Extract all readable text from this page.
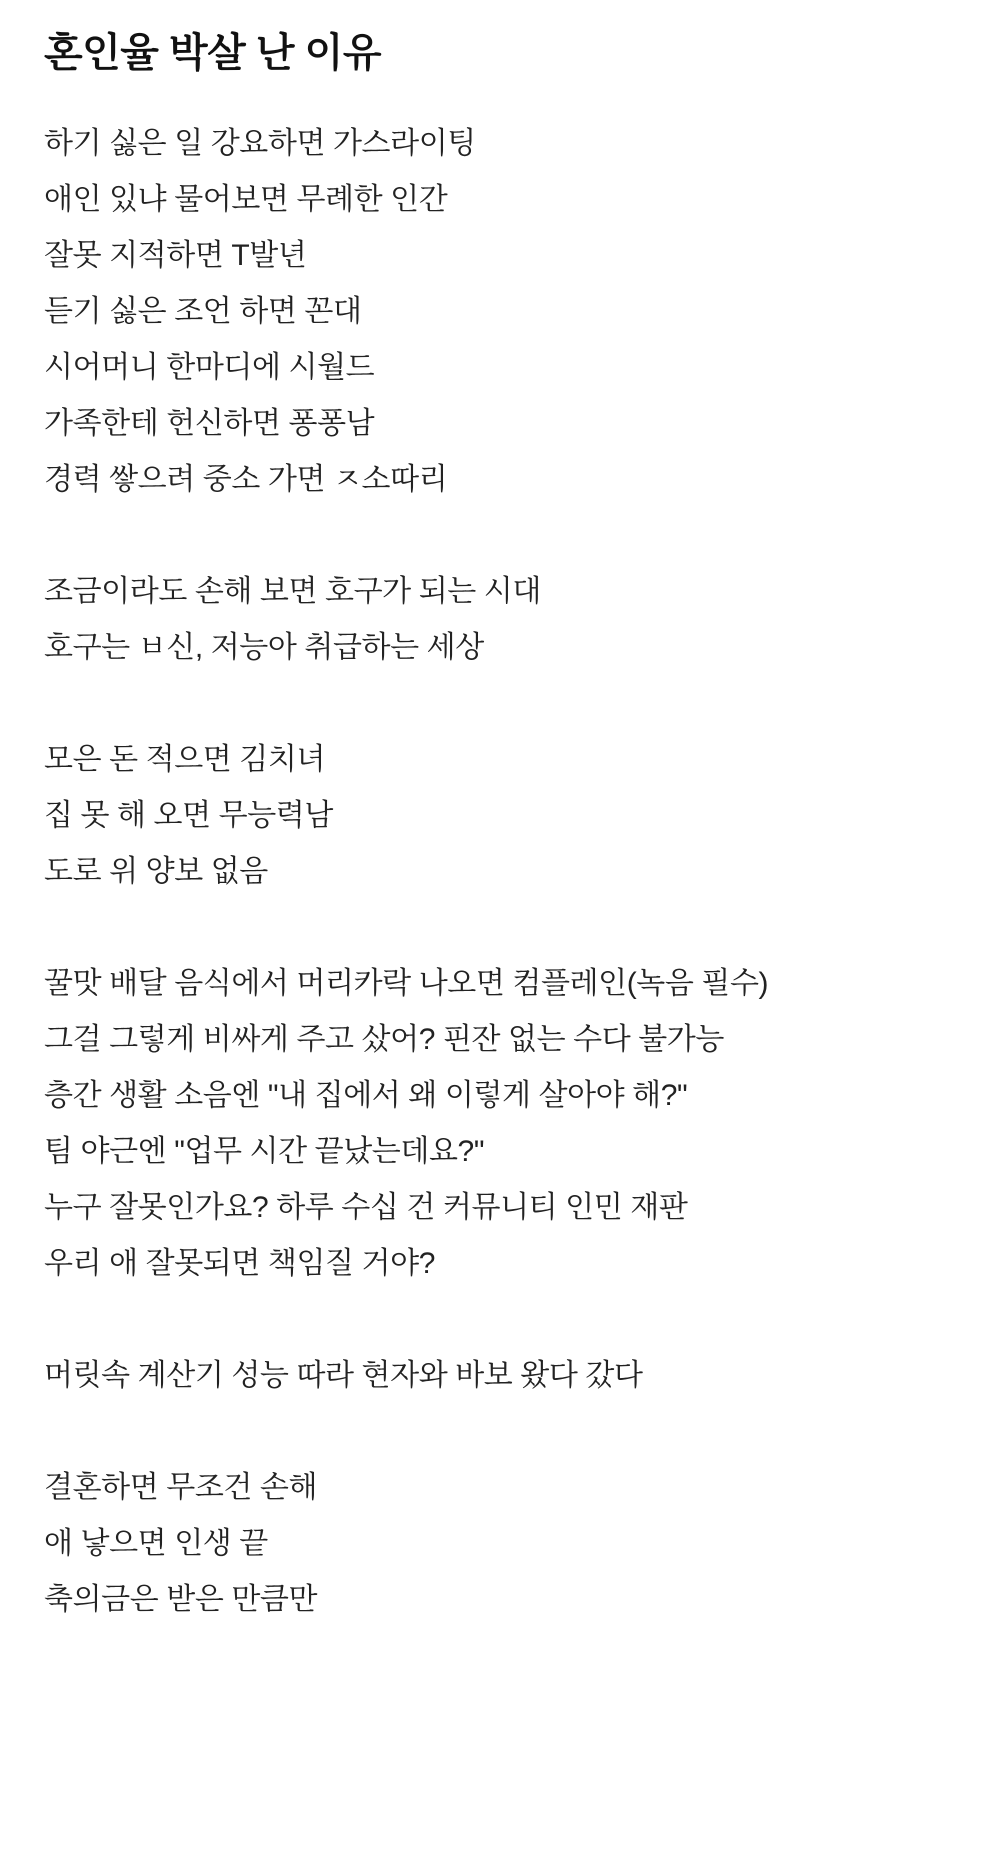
혼인율 박살 난 이유
하기 싫은 일 강요하면 가스라이팅
애인 있냐 물어보면 무례한 인간
잘못 지적하면 T발년
듣기 싫은 조언 하면 꼰대
시어머니 한마디에 시월드
가족한테 헌신하면 퐁퐁남
경력 쌓으려 중소 가면 ㅈ소따리
조금이라도 손해 보면 호구가 되는 시대
호구는 ㅂ신, 저능아 취급하는 세상
모은 돈 적으면 김치녀
집 못 해 오면 무능력남
도로 위 양보 없음
꿀맛 배달 음식에서 머리카락 나오면 컴플레인(녹음 필수)
그걸 그렇게 비싸게 주고 샀어? 핀잔 없는 수다 불가능
층간 생활 소음엔 "내 집에서 왜 이렇게 살아야 해?"
팀 야근엔 "업무 시간 끝났는데요?"
누구 잘못인가요? 하루 수십 건 커뮤니티 인민 재판
우리 애 잘못되면 책임질 거야?
머릿속 계산기 성능 따라 현자와 바보 왔다 갔다
결혼하면 무조건 손해
애 낳으면 인생 끝
축의금은 받은 만큼만
